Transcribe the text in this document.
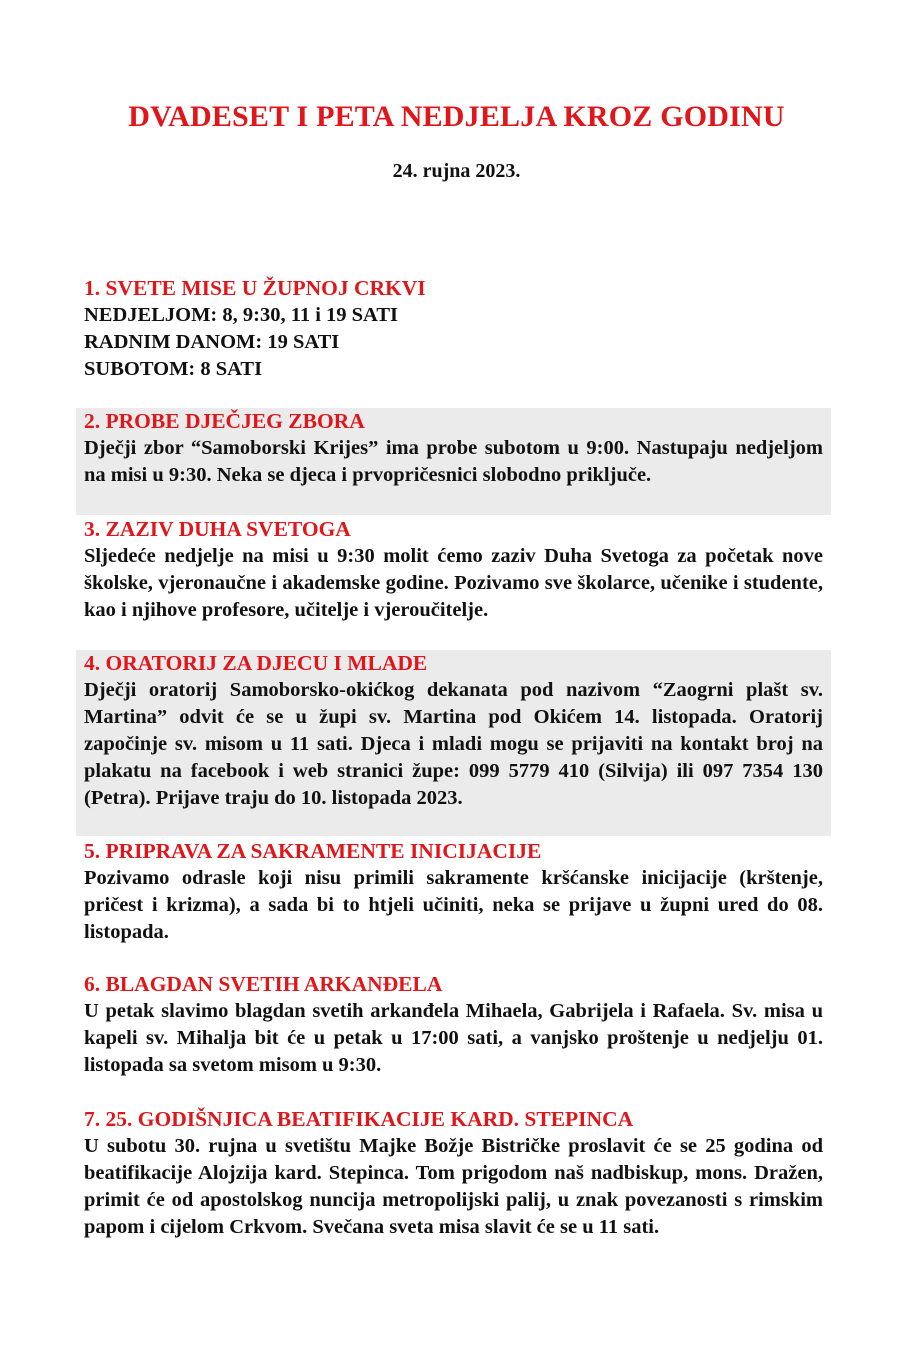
DVADESET I PETA NEDJELJA KROZ GODINU
24. rujna 2023.
1. SVETE MISE U ŽUPNOJ CRKVI
NEDJELJOM: 8, 9:30, 11 i 19 SATI
RADNIM DANOM: 19 SATI
SUBOTOM: 8 SATI
2. PROBE DJEČJEG ZBORA
Dječji zbor “Samoborski Krijes” ima probe subotom u 9:00. Nastupaju nedjeljom na misi u 9:30. Neka se djeca i prvopričesnici slobodno priključe.
3. ZAZIV DUHA SVETOGA
Sljedeće nedjelje na misi u 9:30 molit ćemo zaziv Duha Svetoga za početak nove školske, vjeronaučne i akademske godine. Pozivamo sve školarce, učenike i studente, kao i njihove profesore, učitelje i vjeroučitelje.
4. ORATORIJ ZA DJECU I MLADE
Dječji oratorij Samoborsko-okićkog dekanata pod nazivom “Zaogrni plašt sv. Martina” odvit će se u župi sv. Martina pod Okićem 14. listopada. Oratorij započinje sv. misom u 11 sati. Djeca i mladi mogu se prijaviti na kontakt broj na plakatu na facebook i web stranici župe: 099 5779 410 (Silvija) ili 097 7354 130 (Petra). Prijave traju do 10. listopada 2023.
5. PRIPRAVA ZA SAKRAMENTE INICIJACIJE
Pozivamo odrasle koji nisu primili sakramente kršćanske inicijacije (krštenje, pričest i krizma), a sada bi to htjeli učiniti, neka se prijave u župni ured do 08. listopada.
6. BLAGDAN SVETIH ARKANĐELA
U petak slavimo blagdan svetih arkanđela Mihaela, Gabrijela i Rafaela. Sv. misa u kapeli sv. Mihalja bit će u petak u 17:00 sati, a vanjsko proštenje u nedjelju 01. listopada sa svetom misom u 9:30.
7. 25. GODIŠNJICA BEATIFIKACIJE KARD. STEPINCA
U subotu 30. rujna u svetištu Majke Božje Bistričke proslavit će se 25 godina od beatifikacije Alojzija kard. Stepinca. Tom prigodom naš nadbiskup, mons. Dražen, primit će od apostolskog nuncija metropolijski palij, u znak povezanosti s rimskim papom i cijelom Crkvom. Svečana sveta misa slavit će se u 11 sati.
